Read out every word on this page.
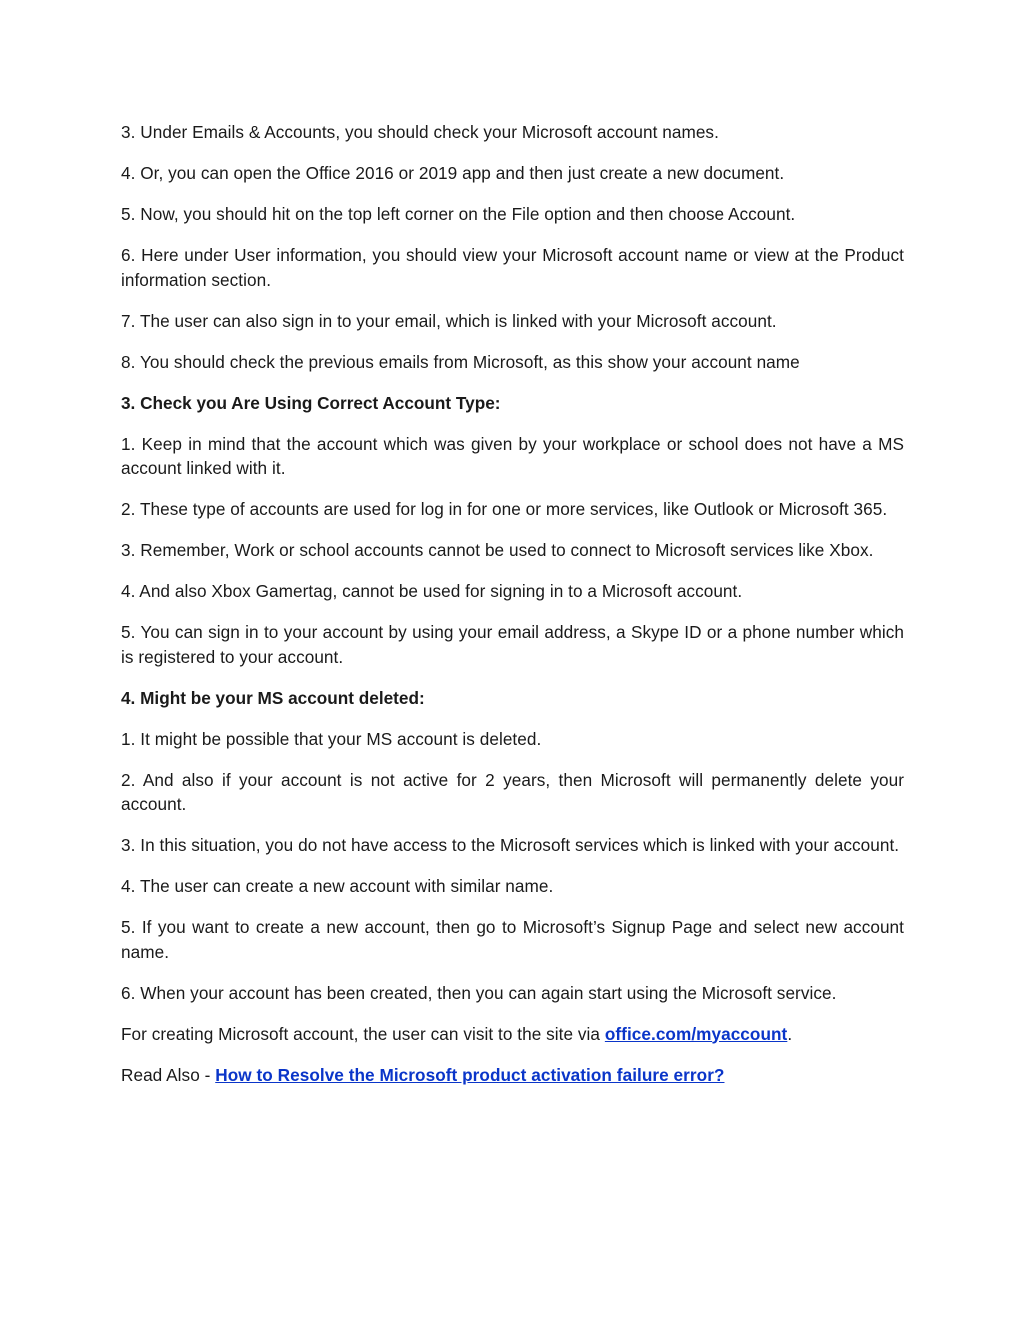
3. Under Emails & Accounts, you should check your Microsoft account names.

4. Or, you can open the Office 2016 or 2019 app and then just create a new document.

5. Now, you should hit on the top left corner on the File option and then choose Account.

6. Here under User information, you should view your Microsoft account name or view at the Product information section.

7. The user can also sign in to your email, which is linked with your Microsoft account.

8. You should check the previous emails from Microsoft, as this show your account name

3. Check you Are Using Correct Account Type:

1. Keep in mind that the account which was given by your workplace or school does not have a MS account linked with it.

2. These type of accounts are used for log in for one or more services, like Outlook or Microsoft 365.

3. Remember, Work or school accounts cannot be used to connect to Microsoft services like Xbox.

4. And also Xbox Gamertag, cannot be used for signing in to a Microsoft account.

5. You can sign in to your account by using your email address, a Skype ID or a phone number which is registered to your account.

4. Might be your MS account deleted:

1. It might be possible that your MS account is deleted.

2. And also if your account is not active for 2 years, then Microsoft will permanently delete your account.

3. In this situation, you do not have access to the Microsoft services which is linked with your account.

4. The user can create a new account with similar name.

5. If you want to create a new account, then go to Microsoft’s Signup Page and select new account name.

6. When your account has been created, then you can again start using the Microsoft service.

For creating Microsoft account, the user can visit to the site via office.com/myaccount.

Read Also - How to Resolve the Microsoft product activation failure error?
